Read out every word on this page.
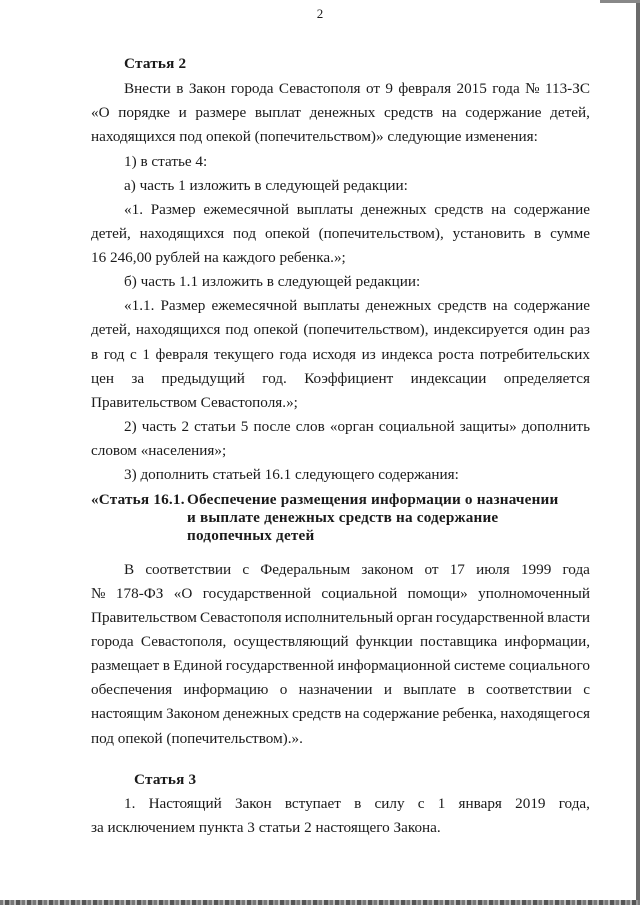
2
Статья 2
Внести в Закон города Севастополя от 9 февраля 2015 года № 113-ЗС
«О порядке и размере выплат денежных средств на содержание детей,
находящихся под опекой (попечительством)» следующие изменения:
1) в статье 4:
а) часть 1 изложить в следующей редакции:
«1. Размер ежемесячной выплаты денежных средств на содержание
детей, находящихся под опекой (попечительством), установить в сумме
16 246,00 рублей на каждого ребенка.»;
б) часть 1.1 изложить в следующей редакции:
«1.1. Размер ежемесячной выплаты денежных средств на содержание
детей, находящихся под опекой (попечительством), индексируется один раз
в год с 1 февраля текущего года исходя из индекса роста потребительских
цен за предыдущий год. Коэффициент индексации определяется
Правительством Севастополя.»;
2) часть 2 статьи 5 после слов «орган социальной защиты» дополнить
словом «населения»;
3) дополнить статьей 16.1 следующего содержания:
«Статья 16.1. Обеспечение размещения информации о назначении
и выплате денежных средств на содержание
подопечных детей
В соответствии с Федеральным законом от 17 июля 1999 года
№ 178-ФЗ «О государственной социальной помощи» уполномоченный
Правительством Севастополя исполнительный орган государственной власти
города Севастополя, осуществляющий функции поставщика информации,
размещает в Единой государственной информационной системе социального
обеспечения информацию о назначении и выплате в соответствии с
настоящим Законом денежных средств на содержание ребенка, находящегося
под опекой (попечительством).».
Статья 3
1. Настоящий Закон вступает в силу с 1 января 2019 года,
за исключением пункта 3 статьи 2 настоящего Закона.
